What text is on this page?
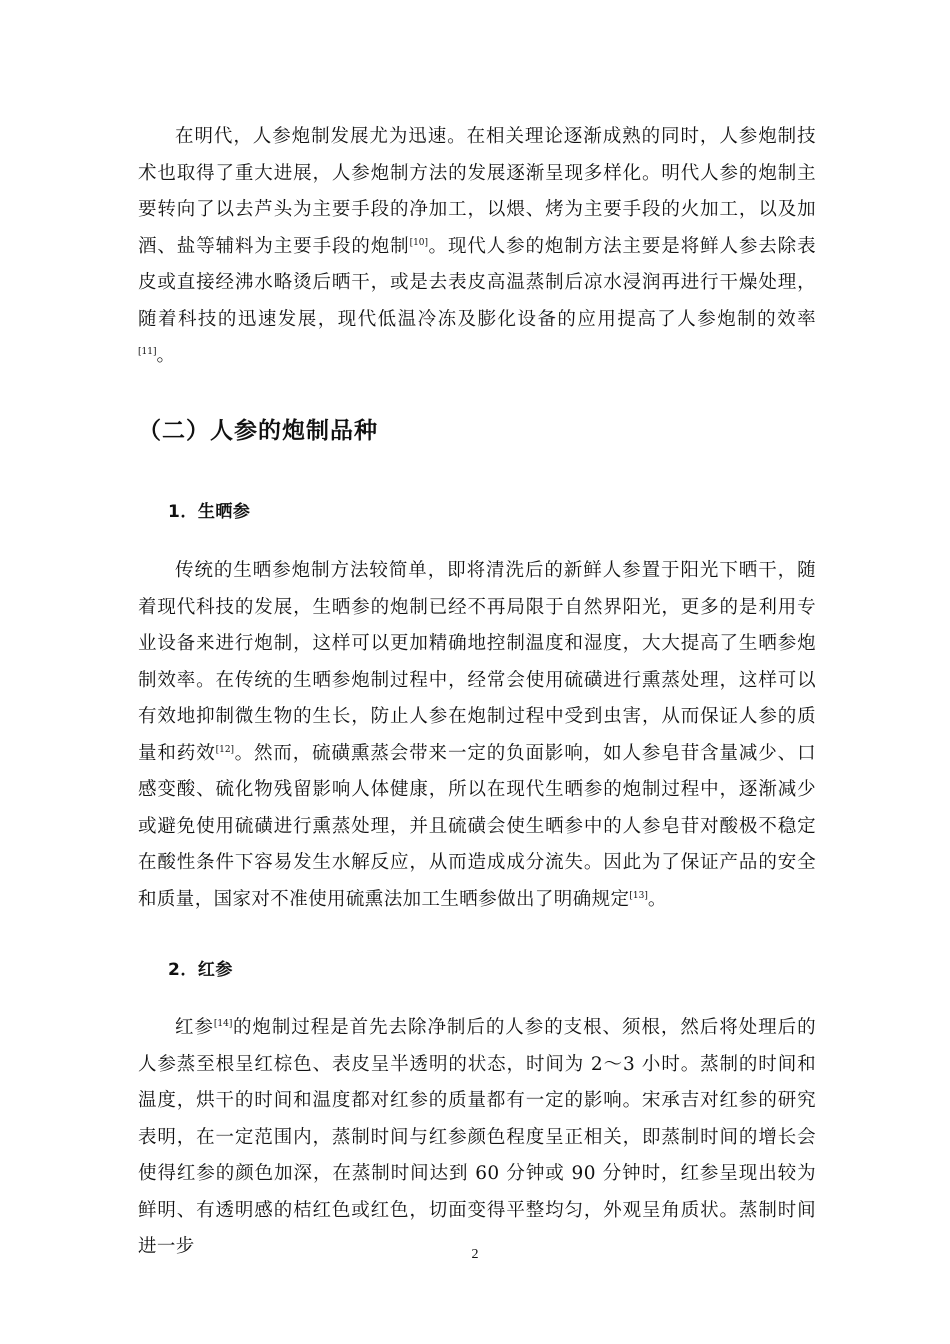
在明代，人参炮制发展尤为迅速。在相关理论逐渐成熟的同时，人参炮制技术也取得了重大进展，人参炮制方法的发展逐渐呈现多样化。明代人参的炮制主要转向了以去芦头为主要手段的净加工，以煨、烤为主要手段的火加工，以及加酒、盐等辅料为主要手段的炮制[10]。现代人参的炮制方法主要是将鲜人参去除表皮或直接经沸水略烫后晒干，或是去表皮高温蒸制后凉水浸润再进行干燥处理，随着科技的迅速发展，现代低温冷冻及膨化设备的应用提高了人参炮制的效率[11]。

（二）人参的炮制品种
1．生晒参

传统的生晒参炮制方法较简单，即将清洗后的新鲜人参置于阳光下晒干，随着现代科技的发展，生晒参的炮制已经不再局限于自然界阳光，更多的是利用专业设备来进行炮制，这样可以更加精确地控制温度和湿度，大大提高了生晒参炮制效率。在传统的生晒参炮制过程中，经常会使用硫磺进行熏蒸处理，这样可以有效地抑制微生物的生长，防止人参在炮制过程中受到虫害，从而保证人参的质量和药效[12]。然而，硫磺熏蒸会带来一定的负面影响，如人参皂苷含量减少、口感变酸、硫化物残留影响人体健康，所以在现代生晒参的炮制过程中，逐渐减少或避免使用硫磺进行熏蒸处理，并且硫磺会使生晒参中的人参皂苷对酸极不稳定在酸性条件下容易发生水解反应，从而造成成分流失。因此为了保证产品的安全和质量，国家对不准使用硫熏法加工生晒参做出了明确规定[13]。

2．红参

红参[14]的炮制过程是首先去除净制后的人参的支根、须根，然后将处理后的人参蒸至根呈红棕色、表皮呈半透明的状态，时间为 2～3 小时。蒸制的时间和温度，烘干的时间和温度都对红参的质量都有一定的影响。宋承吉对红参的研究表明，在一定范围内，蒸制时间与红参颜色程度呈正相关，即蒸制时间的增长会使得红参的颜色加深，在蒸制时间达到 60 分钟或 90 分钟时，红参呈现出较为鲜明、有透明感的桔红色或红色，切面变得平整均匀，外观呈角质状。蒸制时间进一步	2
